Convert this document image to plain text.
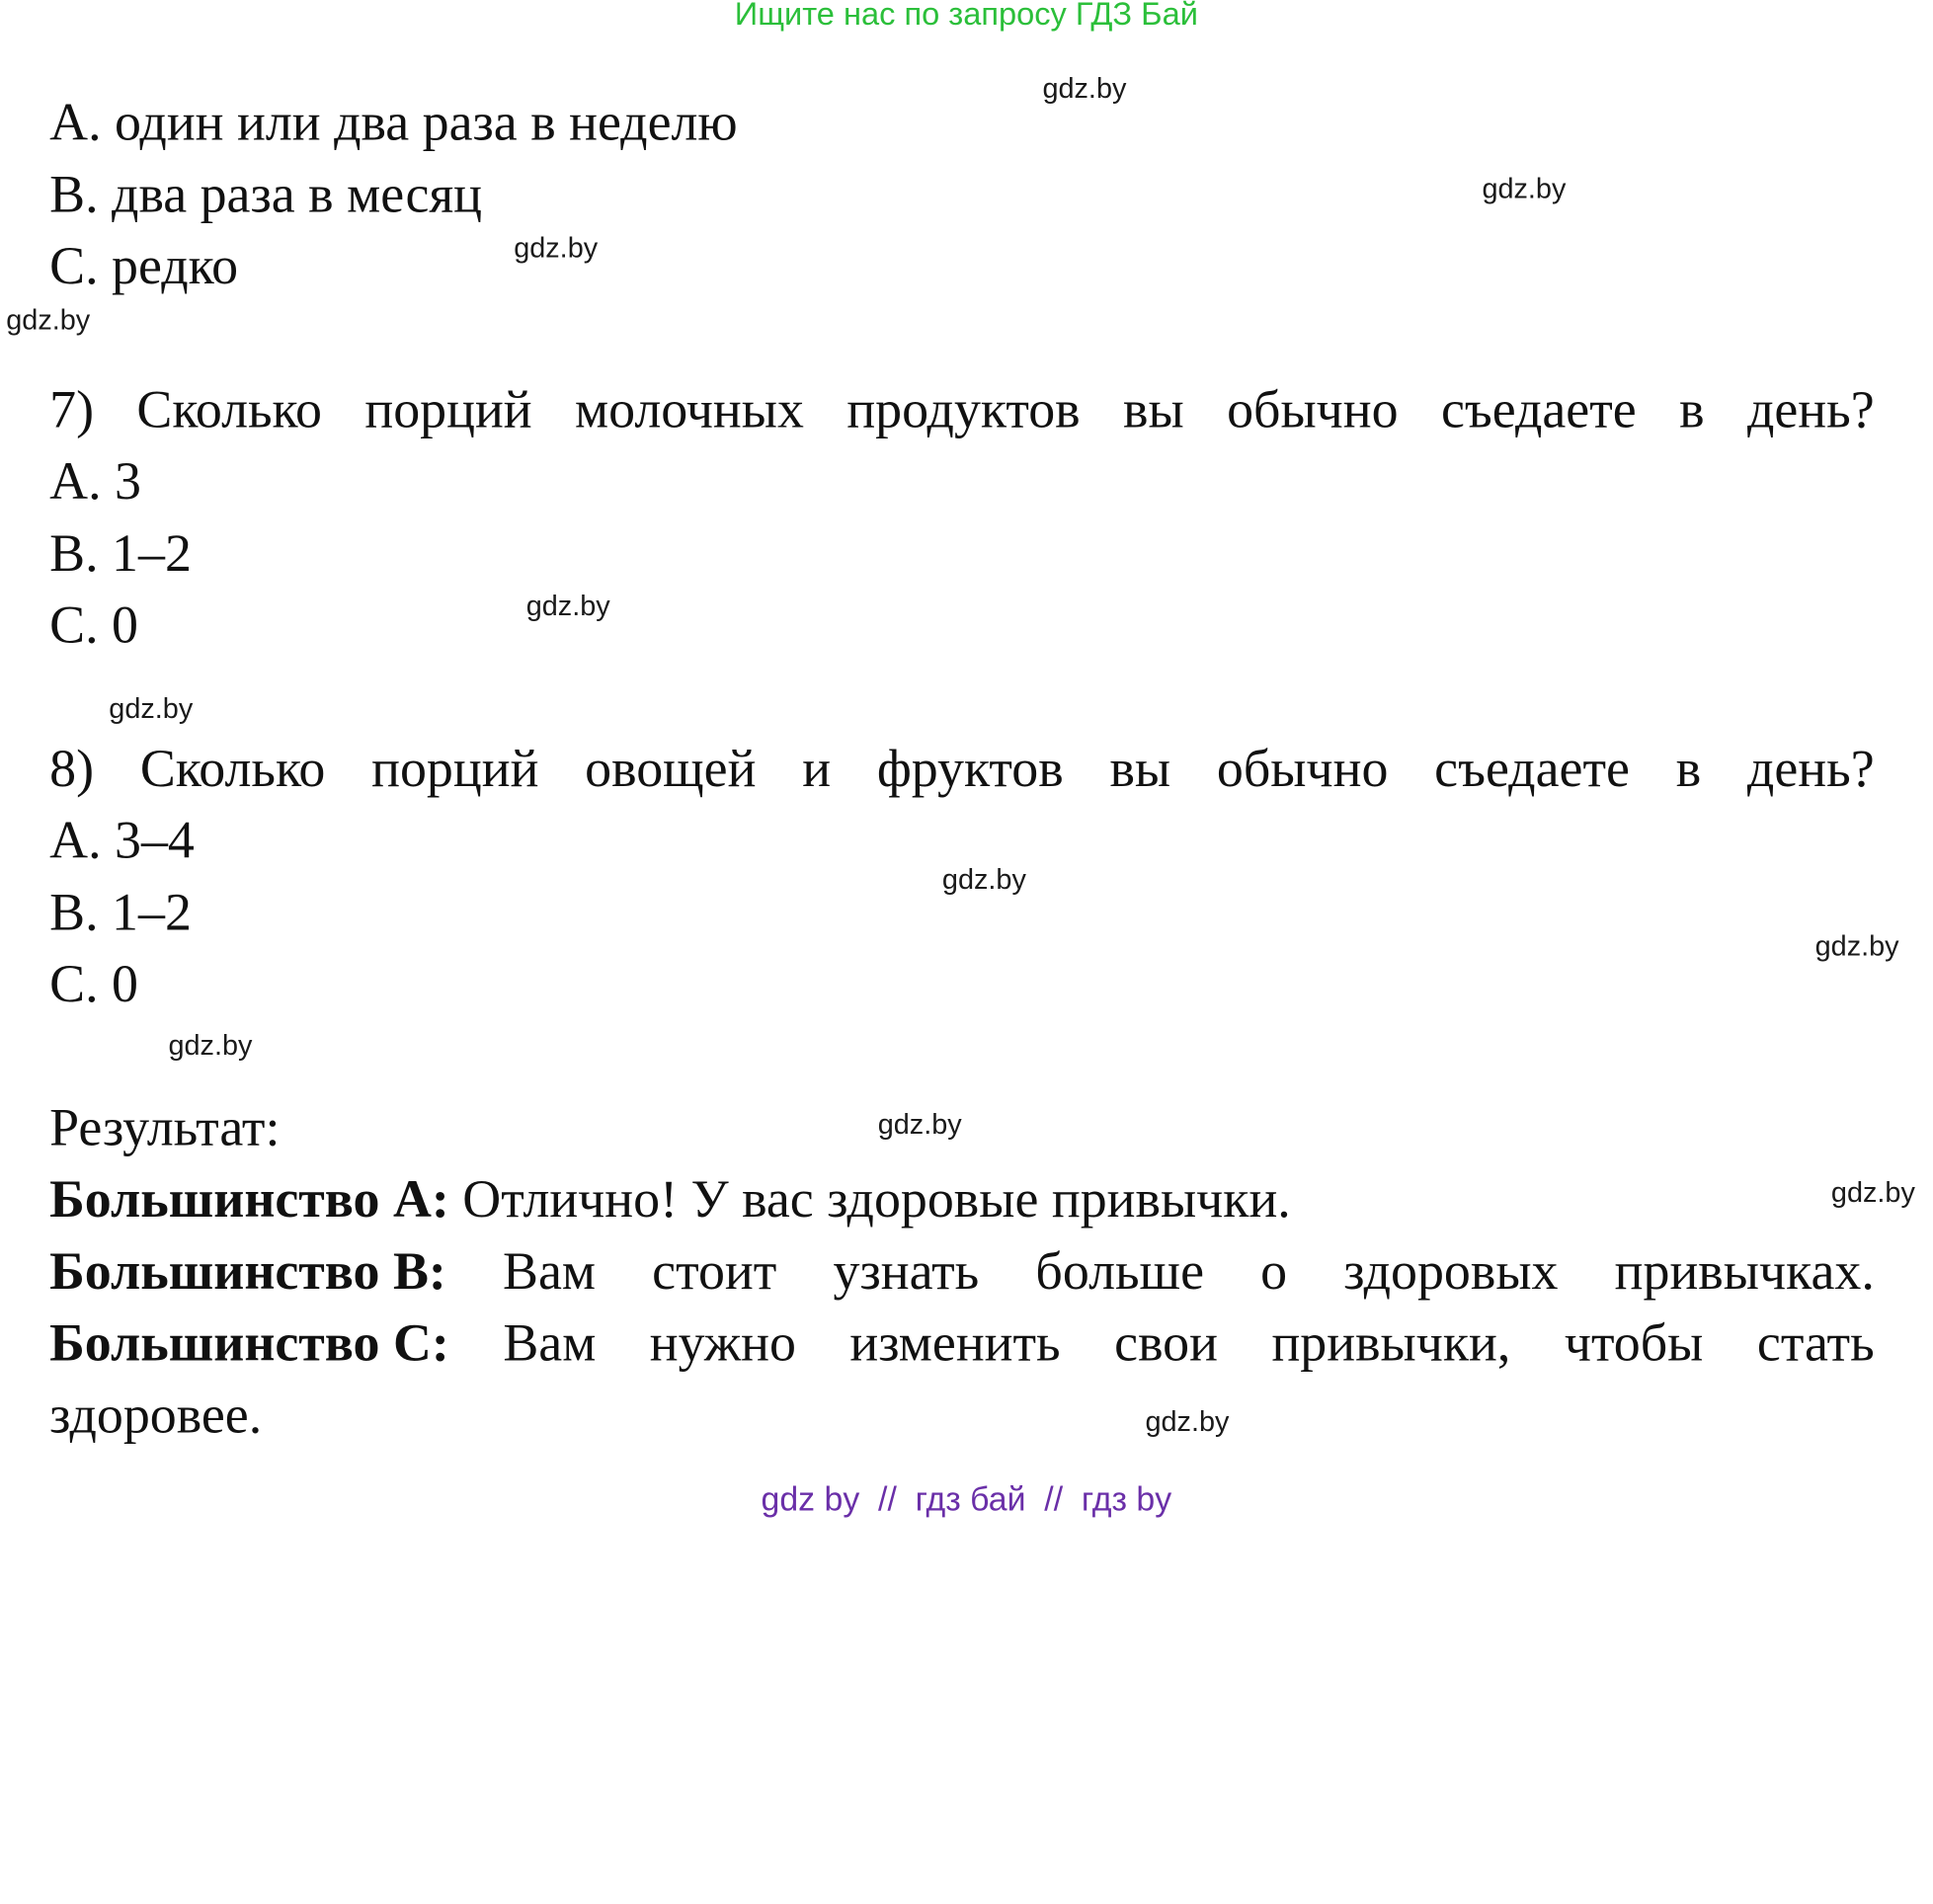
Ищите нас по запросу ГДЗ Бай
A. один или два раза в неделю
B. два раза в месяц
C. редко
7) Сколько порций молочных продуктов вы обычно съедаете в день?
A. 3
B. 1–2
C. 0
8) Сколько порций овощей и фруктов вы обычно съедаете в день?
A. 3–4
B. 1–2
C. 0
Результат:
Большинство A: Отлично! У вас здоровые привычки.
Большинство B: Вам стоит узнать больше о здоровых привычках.
Большинство C: Вам нужно изменить свои привычки, чтобы стать
здоровее.
gdz.by
gdz.by
gdz.by
gdz.by
gdz.by
gdz.by
gdz.by
gdz.by
gdz.by
gdz.by
gdz.by
gdz.by
gdz by  //  гдз бай  //  гдз by
